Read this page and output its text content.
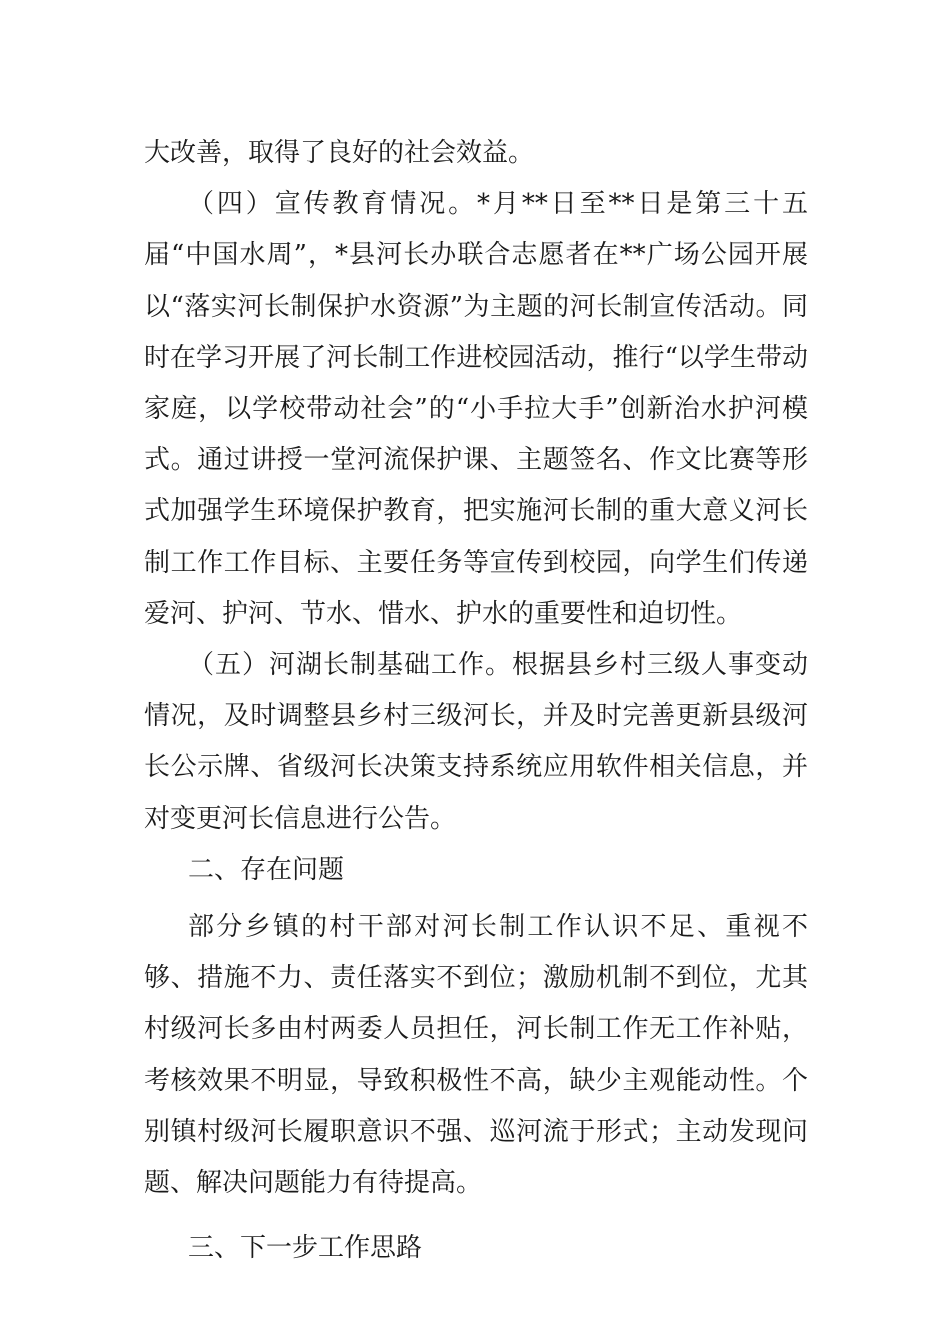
大改善，取得了良好的社会效益。

（四）宣传教育情况。*月**日至**日是第三十五届“中国水周”，*县河长办联合志愿者在**广场公园开展以“落实河长制保护水资源”为主题的河长制宣传活动。同时在学习开展了河长制工作进校园活动，推行“以学生带动家庭，以学校带动社会”的“小手拉大手”创新治水护河模式。通过讲授一堂河流保护课、主题签名、作文比赛等形式加强学生环境保护教育，把实施河长制的重大意义河长制工作工作目标、主要任务等宣传到校园，向学生们传递爱河、护河、节水、惜水、护水的重要性和迫切性。

（五）河湖长制基础工作。根据县乡村三级人事变动情况，及时调整县乡村三级河长，并及时完善更新县级河长公示牌、省级河长决策支持系统应用软件相关信息，并对变更河长信息进行公告。

二、存在问题

部分乡镇的村干部对河长制工作认识不足、重视不够、措施不力、责任落实不到位；激励机制不到位，尤其村级河长多由村两委人员担任，河长制工作无工作补贴，考核效果不明显，导致积极性不高，缺少主观能动性。个别镇村级河长履职意识不强、巡河流于形式；主动发现问题、解决问题能力有待提高。

三、下一步工作思路
